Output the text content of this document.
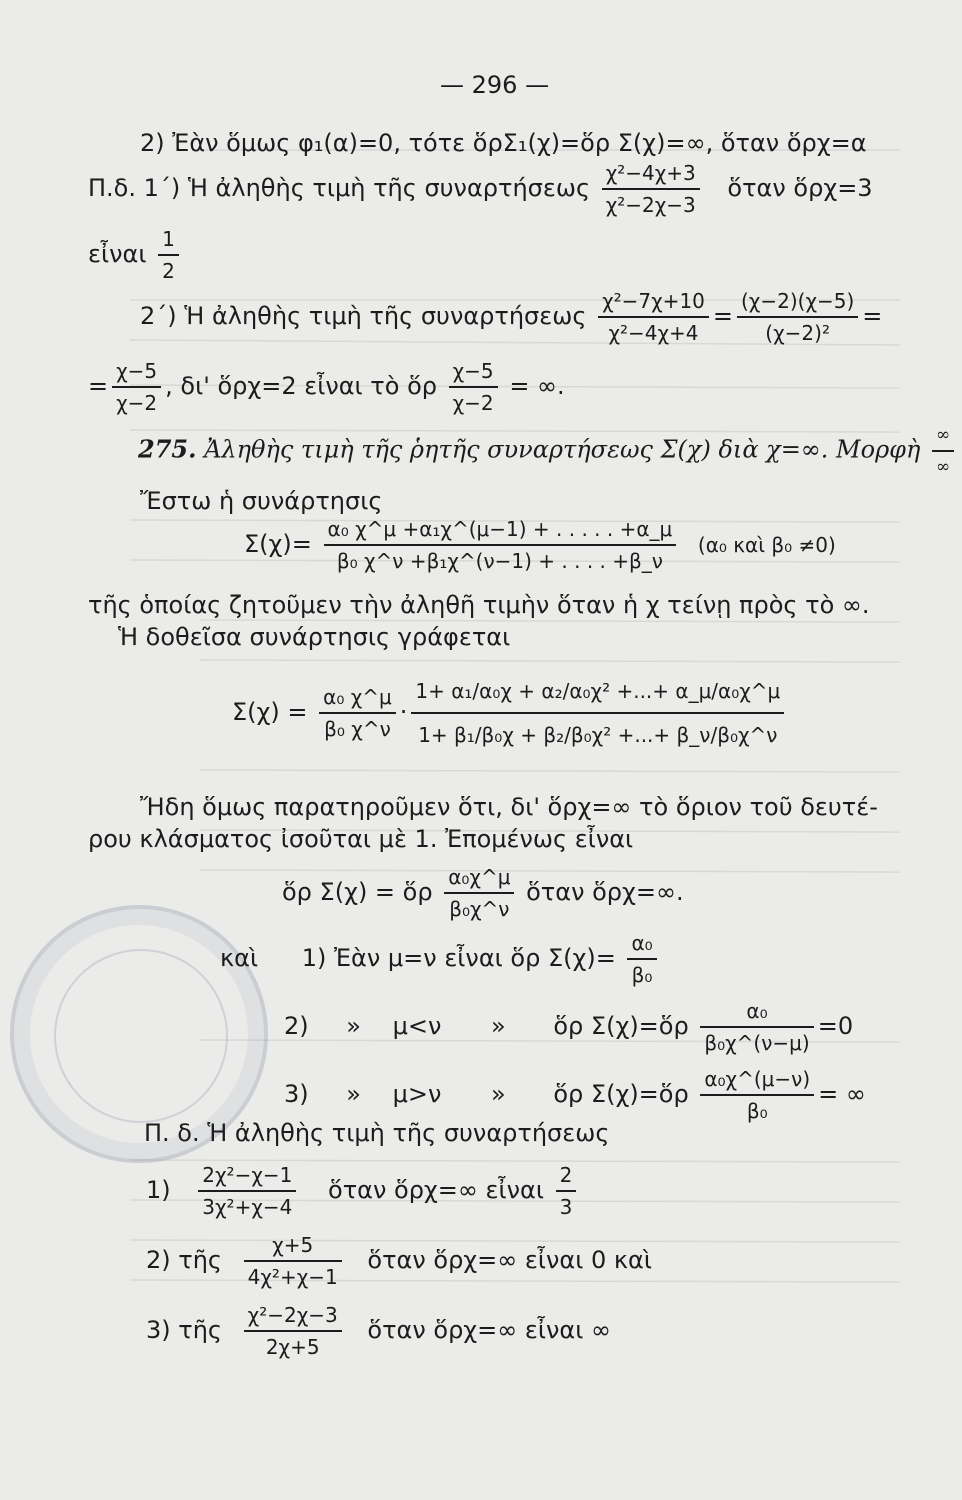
— 296 —
2) Ἐὰν ὅμως φ₁(α)=0, τότε ὅρΣ₁(χ)=ὅρ Σ(χ)=∞, ὅταν ὅρχ=α
Π.δ. 1΄) Ἡ ἀληθὴς τιμὴ τῆς συναρτήσεως $\frac{\text{χ²−4χ+3}}{\text{χ²−2χ−3}}$ ὅταν ὅρχ=3
εἶναι $\frac{1}{2}$
2΄) Ἡ ἀληθὴς τιμὴ τῆς συναρτήσεως $\frac{\text{χ²−7χ+10}}{\text{χ²−4χ+4}} = \frac{(\chi-2)(\chi-5)}{\text{(χ−2)²}}$ =
= $\frac{\chi-5}{\chi-2}$ , δι' ὅρχ=2 εἶναι τὸ ὅρ $\frac{\chi-5}{\chi-2}$ = ∞.
275. Ἀληθὴς τιμὴ τῆς ῥητῆς συναρτήσεως Σ(χ) διὰ χ=∞. Μορφὴ $\frac{\infty}{\infty}$
Ἔστω ἡ συνάρτησις
$\Sigma(\chi)= \frac{\text{α₀ χ\textasciicircum{}μ +α₁χ\textasciicircum{}(μ−1) + . . . . . +α\_μ}}{\text{β₀ χ\textasciicircum{}ν +β₁χ\textasciicircum{}(ν−1) + . . . . +β\_ν}} (\alpha_0$ καὶ β₀ ≠0)
τῆς ὁποίας ζητοῦμεν τὴν ἀληθῆ τιμὴν ὅταν ἡ χ τείνῃ πρὸς τὸ ∞.
Ἡ δοθεῖσα συνάρτησις γράφεται
$\Sigma(\chi) = \frac{\text{α₀ χ\textasciicircum{}μ}}{\text{β₀ χ\textasciicircum{}ν}} \cdot \frac{\text{1+ α₁/α₀χ + α₂/α₀χ² +...+ α\_μ/α₀χ\textasciicircum{}μ}}{\text{1+ β₁/β₀χ + β₂/β₀χ² +...+ β\_ν/β₀χ\textasciicircum{}ν}}$
Ἤδη ὅμως παρατηροῦμεν ὅτι, δι' ὅρχ=∞ τὸ ὅριον τοῦ δευτέ-
ρου κλάσματος ἰσοῦται μὲ 1. Ἐπομένως εἶναι
ὅρ Σ(χ) = ὅρ $\frac{\text{α₀χ\textasciicircum{}μ}}{\text{β₀χ\textasciicircum{}ν}}$ ὅταν ὅρχ=∞.
καὶ 1) Ἐὰν μ=ν εἶναι ὅρ $\Sigma(\chi)= \frac{\text{α₀}}{\text{β₀}}$
2) » μ<ν » ὅρ Σ(χ)=ὅρ $\frac{\text{α₀}}{\text{β₀χ\textasciicircum{}(ν−μ)}} =0$
3) » μ>ν » ὅρ Σ(χ)=ὅρ $\frac{\text{α₀χ\textasciicircum{}(μ−ν)}}{\text{β₀}}$ = ∞
Π. δ. Ἡ ἀληθὴς τιμὴ τῆς συναρτήσεως
$1) \frac{\text{2χ²−χ−1}}{\text{3χ²+χ−4}}$ ὅταν ὅρχ=∞ εἶναι $\frac{2}{3}$
2) τῆς $\frac{\chi+5}{\text{4χ²+χ−1}}$ ὅταν ὅρχ=∞ εἶναι 0 καὶ
3) τῆς $\frac{\text{χ²−2χ−3}}{2\chi+5}$ ὅταν ὅρχ=∞ εἶναι ∞
